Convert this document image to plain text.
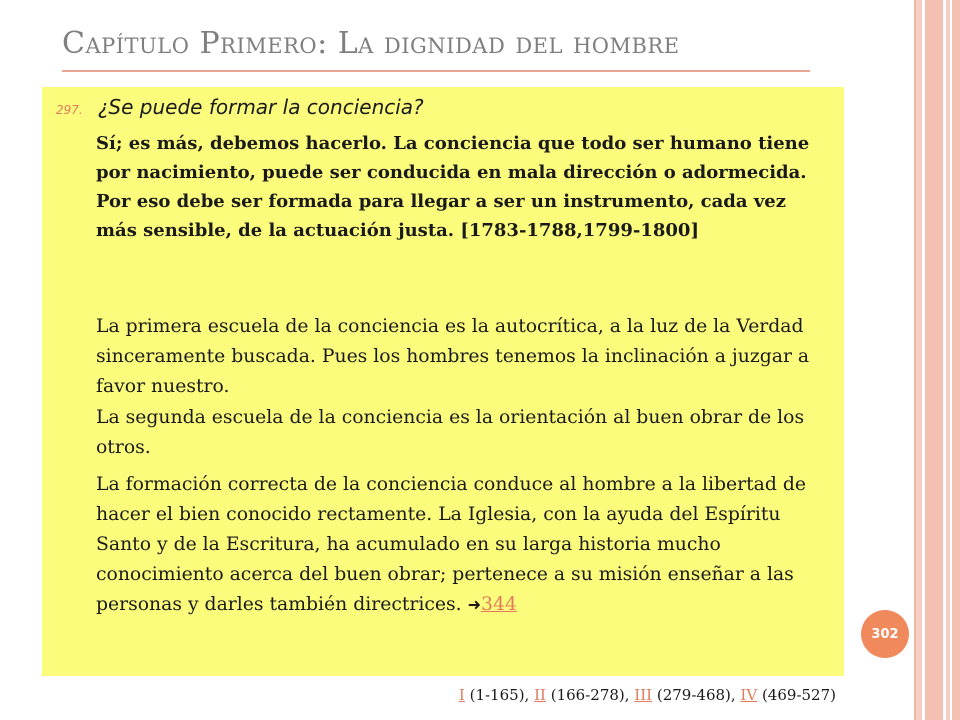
Capítulo Primero: La dignidad del hombre
297. ¿Se puede formar la conciencia?
Sí; es más, debemos hacerlo. La conciencia que todo ser humano tiene por nacimiento, puede ser conducida en mala dirección o adormecida. Por eso debe ser formada para llegar a ser un instrumento, cada vez más sensible, de la actuación justa. [1783-1788,1799-1800]
La primera escuela de la conciencia es la autocrítica, a la luz de la Verdad sinceramente buscada. Pues los hombres tenemos la inclinación a juzgar a favor nuestro.
La segunda escuela de la conciencia es la orientación al buen obrar de los otros.
La formación correcta de la conciencia conduce al hombre a la libertad de hacer el bien conocido rectamente. La Iglesia, con la ayuda del Espíritu Santo y de la Escritura, ha acumulado en su larga historia mucho conocimiento acerca del buen obrar; pertenece a su misión enseñar a las personas y darles también directrices. ➜344
302
I (1-165), II (166-278), III (279-468), IV (469-527)
